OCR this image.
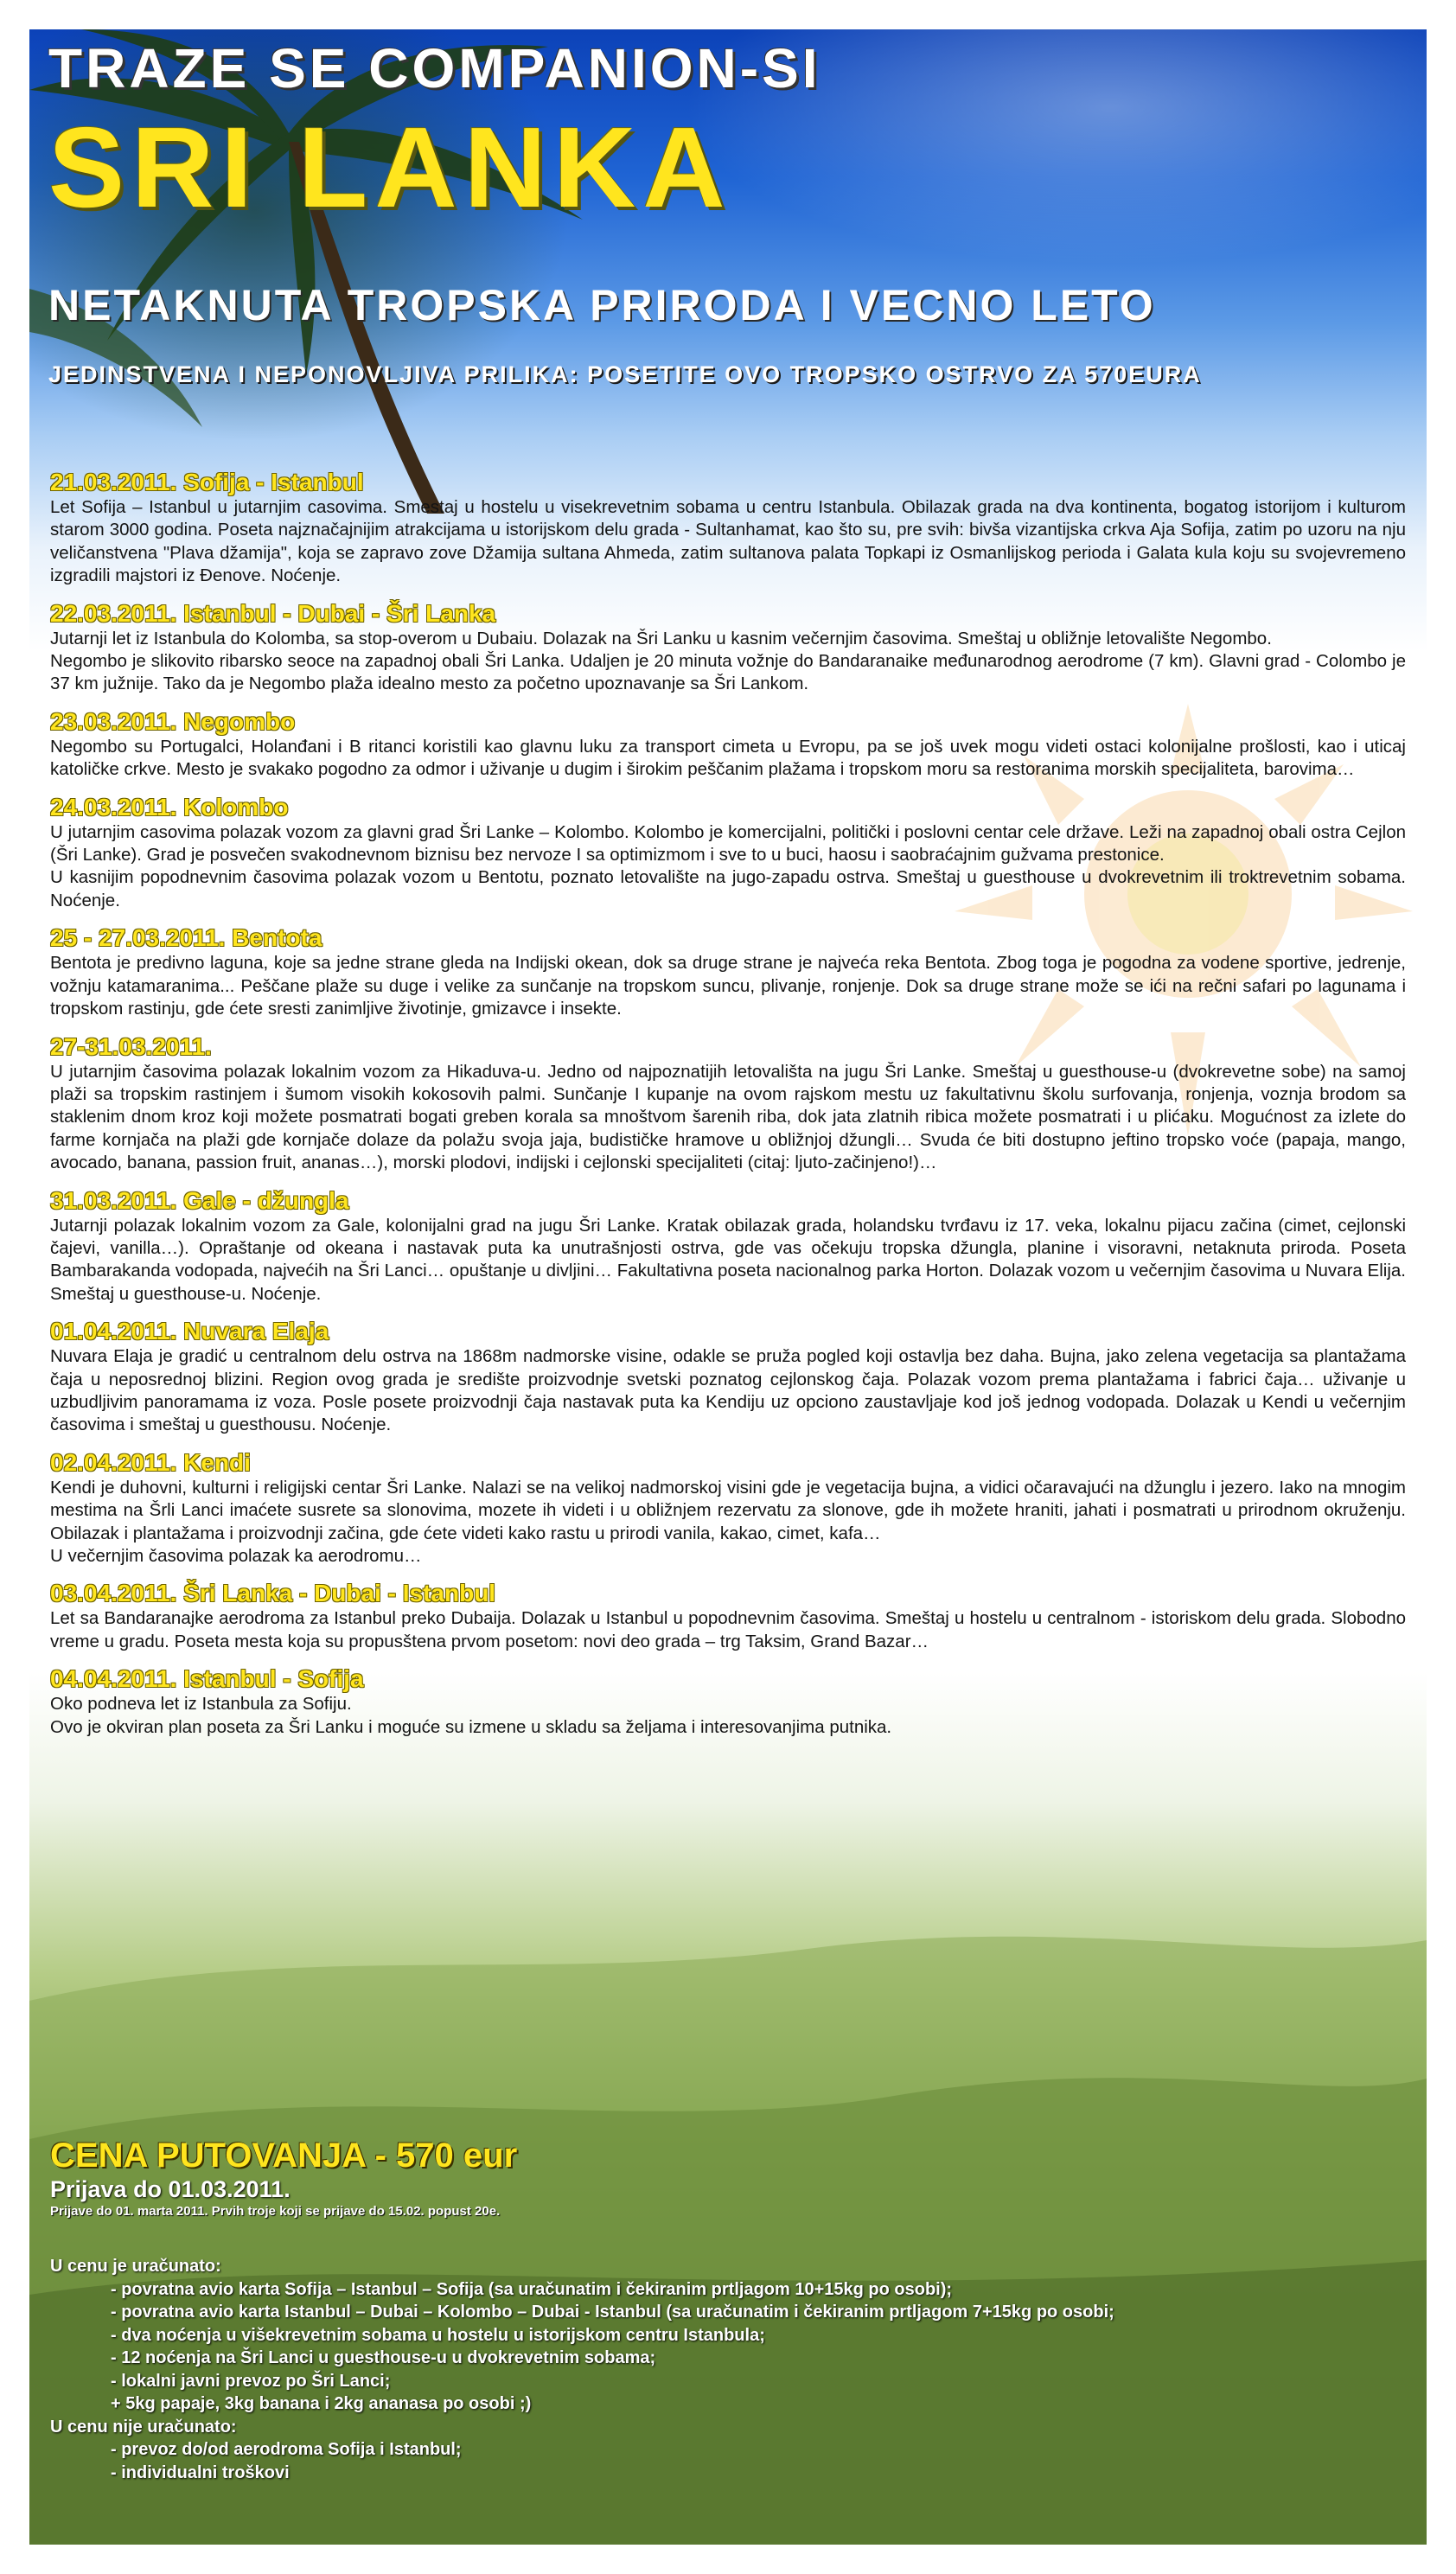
TRAZE SE COMPANION-SI
SRI LANKA
NETAKNUTA TROPSKA PRIRODA I VECNO LETO
JEDINSTVENA I NEPONOVLJIVA PRILIKA: POSETITE OVO TROPSKO OSTRVO ZA 570EURA

21.03.2011. Sofija - Istanbul

Let Sofija – Istanbul u jutarnjim casovima. Smestaj u hostelu u visekrevetnim sobama u centru Istanbula. Obilazak grada na dva kontinenta, bogatog istorijom i kulturom starom 3000 godina. Poseta najznačajnijim atrakcijama u istorijskom delu grada - Sultanhamat, kao što su, pre svih: bivša vizantijska crkva Aja Sofija, zatim po uzoru na nju veličanstvena "Plava džamija", koja se zapravo zove Džamija sultana Ahmeda, zatim sultanova palata Topkapi iz Osmanlijskog perioda i Galata kula koju su svojevremeno izgradili majstori iz Đenove. Noćenje.

22.03.2011. Istanbul - Dubai - Šri Lanka

Jutarnji let iz Istanbula do Kolomba, sa stop-overom u Dubaiu. Dolazak na Šri Lanku u kasnim večernjim časovima. Smeštaj u obližnje letovalište Negombo.
Negombo je slikovito ribarsko seoce na zapadnoj obali Šri Lanka. Udaljen je 20 minuta vožnje do Bandaranaike međunarodnog aerodrome (7 km). Glavni grad - Colombo je 37 km južnije. Tako da je Negombo plaža idealno mesto za početno upoznavanje sa Šri Lankom.

23.03.2011. Negombo

Negombo su Portugalci, Holanđani i B ritanci koristili kao glavnu luku za transport cimeta u Evropu, pa se još uvek mogu videti ostaci kolonijalne prošlosti, kao i uticaj katoličke crkve. Mesto je svakako pogodno za odmor i uživanje u dugim i širokim peščanim plažama i tropskom moru sa restoranima morskih specijaliteta, barovima…

24.03.2011. Kolombo

U jutarnjim casovima polazak vozom za glavni grad Šri Lanke – Kolombo. Kolombo je komercijalni, politički i poslovni centar cele države. Leži na zapadnoj obali ostra Cejlon (Šri Lanke). Grad je posvečen svakodnevnom biznisu bez nervoze I sa optimizmom i sve to u buci, haosu i saobraćajnim gužvama prestonice.
U kasnijim popodnevnim časovima polazak vozom u Bentotu, poznato letovalište na jugo-zapadu ostrva. Smeštaj u guesthouse u dvokrevetnim ili troktrevetnim sobama. Noćenje.

25 - 27.03.2011. Bentota

Bentota je predivno laguna, koje sa jedne strane gleda na Indijski okean, dok sa druge strane je najveća reka Bentota. Zbog toga je pogodna za vodene sportive, jedrenje, vožnju katamaranima... Peščane plaže su duge i velike za sunčanje na tropskom suncu, plivanje, ronjenje. Dok sa druge strane može se ići na rečni safari po lagunama i tropskom rastinju, gde ćete sresti zanimljive životinje, gmizavce i insekte.

27-31.03.2011.

U jutarnjim časovima polazak lokalnim vozom za Hikaduva-u. Jedno od najpoznatijih letovališta na jugu Šri Lanke. Smeštaj u guesthouse-u (dvokrevetne sobe) na samoj plaži sa tropskim rastinjem i šumom visokih kokosovih palmi. Sunčanje I kupanje na ovom rajskom mestu uz fakultativnu školu surfovanja, ronjenja, voznja brodom sa staklenim dnom kroz koji možete posmatrati bogati greben korala sa mnoštvom šarenih riba, dok jata zlatnih ribica možete posmatrati i u plićaku. Mogućnost za izlete do farme kornjača na plaži gde kornjače dolaze da polažu svoja jaja, budističke hramove u obližnjoj džungli… Svuda će biti dostupno jeftino tropsko voće (papaja, mango, avocado, banana, passion fruit, ananas…), morski plodovi, indijski i cejlonski specijaliteti (citaj: ljuto-začinjeno!)…

31.03.2011. Gale - džungla

Jutarnji polazak lokalnim vozom za Gale, kolonijalni grad na jugu Šri Lanke. Kratak obilazak grada, holandsku tvrđavu iz 17. veka, lokalnu pijacu začina (cimet, cejlonski čajevi, vanilla…). Opraštanje od okeana i nastavak puta ka unutrašnjosti ostrva, gde vas očekuju tropska džungla, planine i visoravni, netaknuta priroda. Poseta Bambarakanda vodopada, najvećih na Šri Lanci… opuštanje u divljini… Fakultativna poseta nacionalnog parka Horton. Dolazak vozom u večernjim časovima u Nuvara Elija. Smeštaj u guesthouse-u. Noćenje.

01.04.2011. Nuvara Elaja

Nuvara Elaja je gradić u centralnom delu ostrva na 1868m nadmorske visine, odakle se pruža pogled koji ostavlja bez daha. Bujna, jako zelena vegetacija sa plantažama čaja u neposrednoj blizini. Region ovog grada je središte proizvodnje svetski poznatog cejlonskog čaja. Polazak vozom prema plantažama i fabrici čaja… uživanje u uzbudljivim panoramama iz voza. Posle posete proizvodnji čaja nastavak puta ka Kendiju uz opciono zaustavljaje kod još jednog vodopada. Dolazak u Kendi u večernjim časovima i smeštaj u guesthousu. Noćenje.

02.04.2011. Kendi

Kendi je duhovni, kulturni i religijski centar Šri Lanke. Nalazi se na velikoj nadmorskoj visini gde je vegetacija bujna, a vidici očaravajući na džunglu i jezero. Iako na mnogim mestima na Šrli Lanci imaćete susrete sa slonovima, mozete ih videti i u obližnjem rezervatu za slonove, gde ih možete hraniti, jahati i posmatrati u prirodnom okruženju. Obilazak i plantažama i proizvodnji začina, gde ćete videti kako rastu u prirodi vanila, kakao, cimet, kafa…
U večernjim časovima polazak ka aerodromu…

03.04.2011. Šri Lanka - Dubai - Istanbul

Let sa Bandaranajke aerodroma za Istanbul preko Dubaija. Dolazak u Istanbul u popodnevnim časovima. Smeštaj u hostelu u centralnom - istoriskom delu grada. Slobodno vreme u gradu. Poseta mesta koja su propusštena prvom posetom: novi deo grada – trg Taksim, Grand Bazar…

04.04.2011. Istanbul - Sofija

Oko podneva let iz Istanbula za Sofiju.
Ovo je okviran plan poseta za Šri Lanku i moguće su izmene u skladu sa željama i interesovanjima putnika.

CENA PUTOVANJA - 570 eur

Prijava do 01.03.2011.

Prijave do 01. marta 2011. Prvih troje koji se prijave do 15.02. popust 20e.

U cenu je uračunato:

- povratna avio karta Sofija – Istanbul – Sofija (sa uračunatim i čekiranim prtljagom 10+15kg po osobi);
- povratna avio karta Istanbul – Dubai – Kolombo – Dubai - Istanbul (sa uračunatim i čekiranim prtljagom 7+15kg po osobi;
- dva noćenja u višekrevetnim sobama u hostelu u istorijskom centru Istanbula;
- 12 noćenja na Šri Lanci u guesthouse-u u dvokrevetnim sobama;
- lokalni javni prevoz po Šri Lanci;
+ 5kg papaje, 3kg banana i 2kg ananasa po osobi ;)

U cenu nije uračunato:

- prevoz do/od aerodroma Sofija i Istanbul;
- individualni troškovi
